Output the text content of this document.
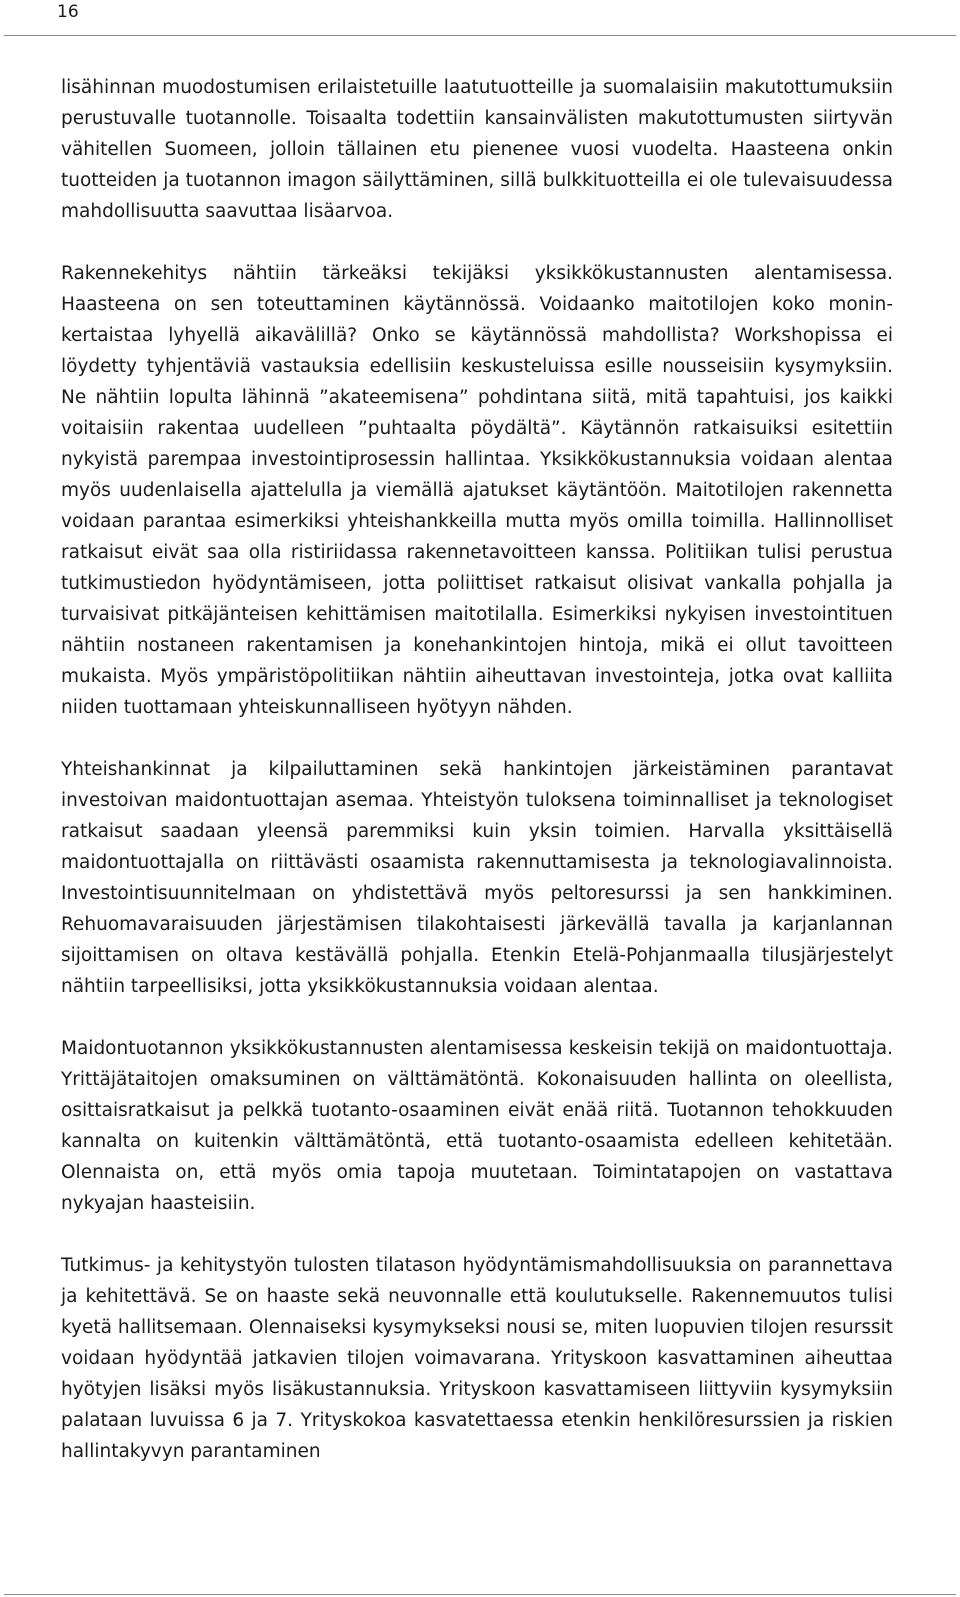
16

lisähinnan muodostumisen erilaistetuille laatutuotteille ja suomalaisiin makutottumuksiin perustuvalle tuotannolle. Toisaalta todettiin kansainvälisten makutottumusten siirtyvän vähitellen Suomeen, jolloin tällainen etu pienenee vuosi vuodelta. Haasteena onkin tuotteiden ja tuotannon imagon säilyttäminen, sillä bulkkituotteilla ei ole tulevaisuudessa mahdollisuutta saavuttaa lisäarvoa.

Rakennekehitys nähtiin tärkeäksi tekijäksi yksikkökustannusten alentamisessa. Haasteena on sen toteuttaminen käytännössä. Voidaanko maitotilojen koko moninkertaistaa lyhyellä aikavälillä? Onko se käytännössä mahdollista? Workshopissa ei löydetty tyhjentäviä vastauksia edellisiin keskusteluissa esille nousseisiin kysymyksiin. Ne nähtiin lopulta lähinnä ”akateemisena” pohdintana siitä, mitä tapahtuisi, jos kaikki voitaisiin rakentaa uudelleen ”puhtaalta pöydältä”. Käytännön ratkaisuiksi esitettiin nykyistä parempaa investointiprosessin hallintaa. Yksikkökustannuksia voidaan alentaa myös uudenlaisella ajattelulla ja viemällä ajatukset käytäntöön. Maitotilojen rakennetta voidaan parantaa esimerkiksi yhteishankkeilla mutta myös omilla toimilla. Hallinnolliset ratkaisut eivät saa olla ristiriidassa rakennetavoitteen kanssa. Politiikan tulisi perustua tutkimustiedon hyödyntämiseen, jotta poliittiset ratkaisut olisivat vankalla pohjalla ja turvaisivat pitkäjänteisen kehittämisen maitotilalla. Esimerkiksi nykyisen investointituen nähtiin nostaneen rakentamisen ja konehankintojen hintoja, mikä ei ollut tavoitteen mukaista. Myös ympäristöpolitiikan nähtiin aiheuttavan investointeja, jotka ovat kalliita niiden tuottamaan yhteiskunnalliseen hyötyyn nähden.

Yhteishankinnat ja kilpailuttaminen sekä hankintojen järkeistäminen parantavat investoivan maidontuottajan asemaa. Yhteistyön tuloksena toiminnalliset ja teknologiset ratkaisut saadaan yleensä paremmiksi kuin yksin toimien. Harvalla yksittäisellä maidontuottajalla on riittävästi osaamista rakennuttamisesta ja teknologiavalinnoista. Investointisuunnitelmaan on yhdistettävä myös peltoresurssi ja sen hankkiminen. Rehuomavaraisuuden järjestämisen tilakohtaisesti järkevällä tavalla ja karjanlannan sijoittamisen on oltava kestävällä pohjalla. Etenkin Etelä-Pohjanmaalla tilusjärjestelyt nähtiin tarpeellisiksi, jotta yksikkökustannuksia voidaan alentaa.

Maidontuotannon yksikkökustannusten alentamisessa keskeisin tekijä on maidontuottaja. Yrittäjätaitojen omaksuminen on välttämätöntä. Kokonaisuuden hallinta on oleellista, osittaisratkaisut ja pelkkä tuotanto-osaaminen eivät enää riitä. Tuotannon tehokkuuden kannalta on kuitenkin välttämätöntä, että tuotanto-osaamista edelleen kehitetään. Olennaista on, että myös omia tapoja muutetaan. Toimintatapojen on vastattava nykyajan haasteisiin.

Tutkimus- ja kehitystyön tulosten tilatason hyödyntämismahdollisuuksia on parannettava ja kehitettävä. Se on haaste sekä neuvonnalle että koulutukselle. Rakennemuutos tulisi kyetä hallitsemaan. Olennaiseksi kysymykseksi nousi se, miten luopuvien tilojen resurssit voidaan hyödyntää jatkavien tilojen voimavarana. Yrityskoon kasvattaminen aiheuttaa hyötyjen lisäksi myös lisäkustannuksia. Yrityskoon kasvattamiseen liittyviin kysymyksiin palataan luvuissa 6 ja 7. Yrityskokoa kasvatettaessa etenkin henkilöresurssien ja riskien hallintakyvyn parantaminen
